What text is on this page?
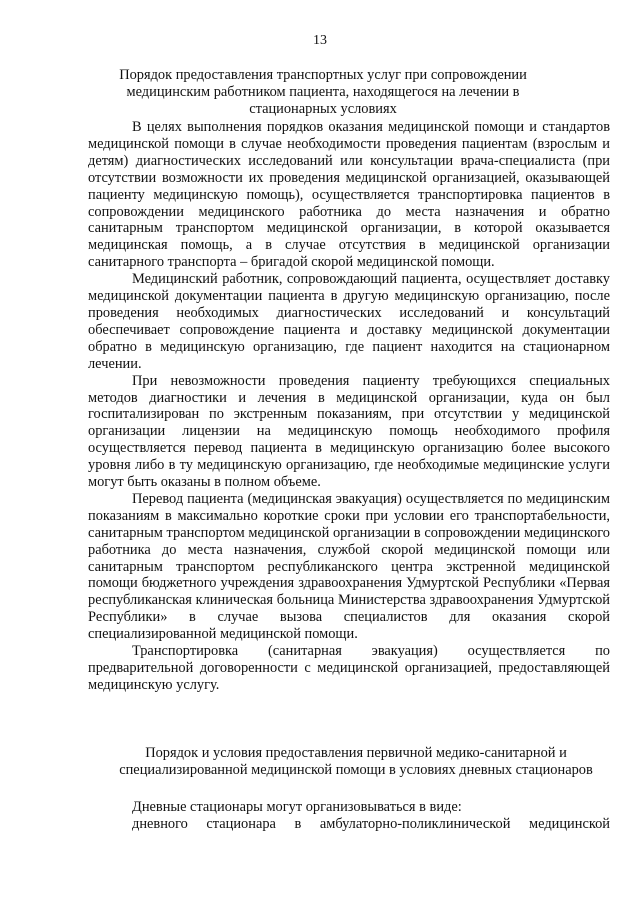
13
Порядок предоставления транспортных услуг при сопровождении медицинским работником пациента, находящегося на лечении в стационарных условиях

В целях выполнения порядков оказания медицинской помощи и стандартов медицинской помощи в случае необходимости проведения пациентам (взрослым и детям) диагностических исследований или консультации врача-специалиста (при отсутствии возможности их проведения медицинской организацией, оказывающей пациенту медицинскую помощь), осуществляется транспортировка пациентов в сопровождении медицинского работника до места назначения и обратно санитарным транспортом медицинской организации, в которой оказывается медицинская помощь, а в случае отсутствия в медицинской организации санитарного транспорта – бригадой скорой медицинской помощи.

Медицинский работник, сопровождающий пациента, осуществляет доставку медицинской документации пациента в другую медицинскую организацию, после проведения необходимых диагностических исследований и консультаций обеспечивает сопровождение пациента и доставку медицинской документации обратно в медицинскую организацию, где пациент находится на стационарном лечении.

При невозможности проведения пациенту требующихся специальных методов диагностики и лечения в медицинской организации, куда он был госпитализирован по экстренным показаниям, при отсутствии у медицинской организации лицензии на медицинскую помощь необходимого профиля осуществляется перевод пациента в медицинскую организацию более высокого уровня либо в ту медицинскую организацию, где необходимые медицинские услуги могут быть оказаны в полном объеме.

Перевод пациента (медицинская эвакуация) осуществляется по медицинским показаниям в максимально короткие сроки при условии его транспортабельности, санитарным транспортом медицинской организации в сопровождении медицинского работника до места назначения, службой скорой медицинской помощи или санитарным транспортом республиканского центра экстренной медицинской помощи бюджетного учреждения здравоохранения Удмуртской Республики «Первая республиканская клиническая больница Министерства здравоохранения Удмуртской Республики» в случае вызова специалистов для оказания скорой специализированной медицинской помощи.

Транспортировка (санитарная эвакуация) осуществляется по предварительной договоренности с медицинской организацией, предоставляющей медицинскую услугу.

Порядок и условия предоставления первичной медико-санитарной и специализированной медицинской помощи в условиях дневных стационаров

Дневные стационары могут организовываться в виде:

дневного стационара в амбулаторно-поликлинической медицинской
